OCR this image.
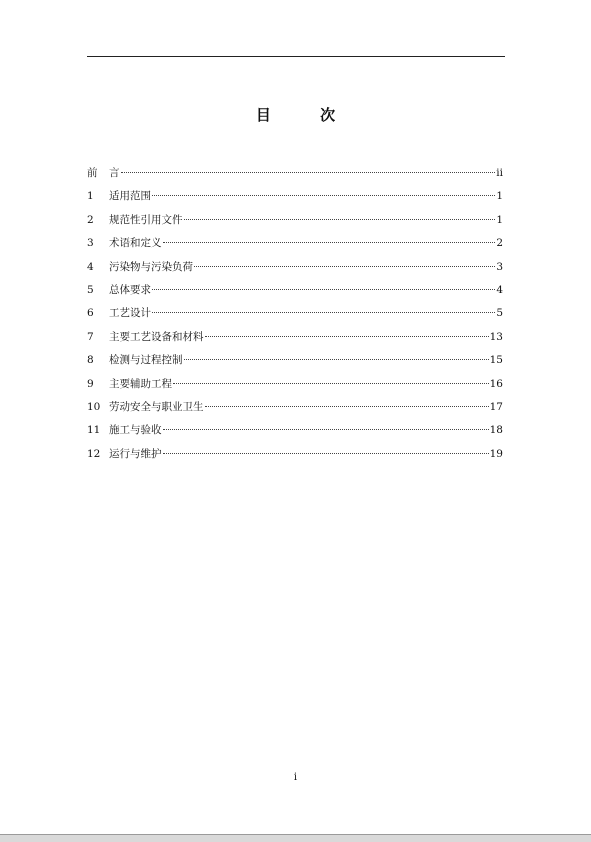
目 次
前	言	ii
1	适用范围	1
2	规范性引用文件	1
3	术语和定义	2
4	污染物与污染负荷	3
5	总体要求	4
6	工艺设计	5
7	主要工艺设备和材料	13
8	检测与过程控制	15
9	主要辅助工程	16
10 劳动安全与职业卫生	17
11 施工与验收	18
12 运行与维护	19
i
